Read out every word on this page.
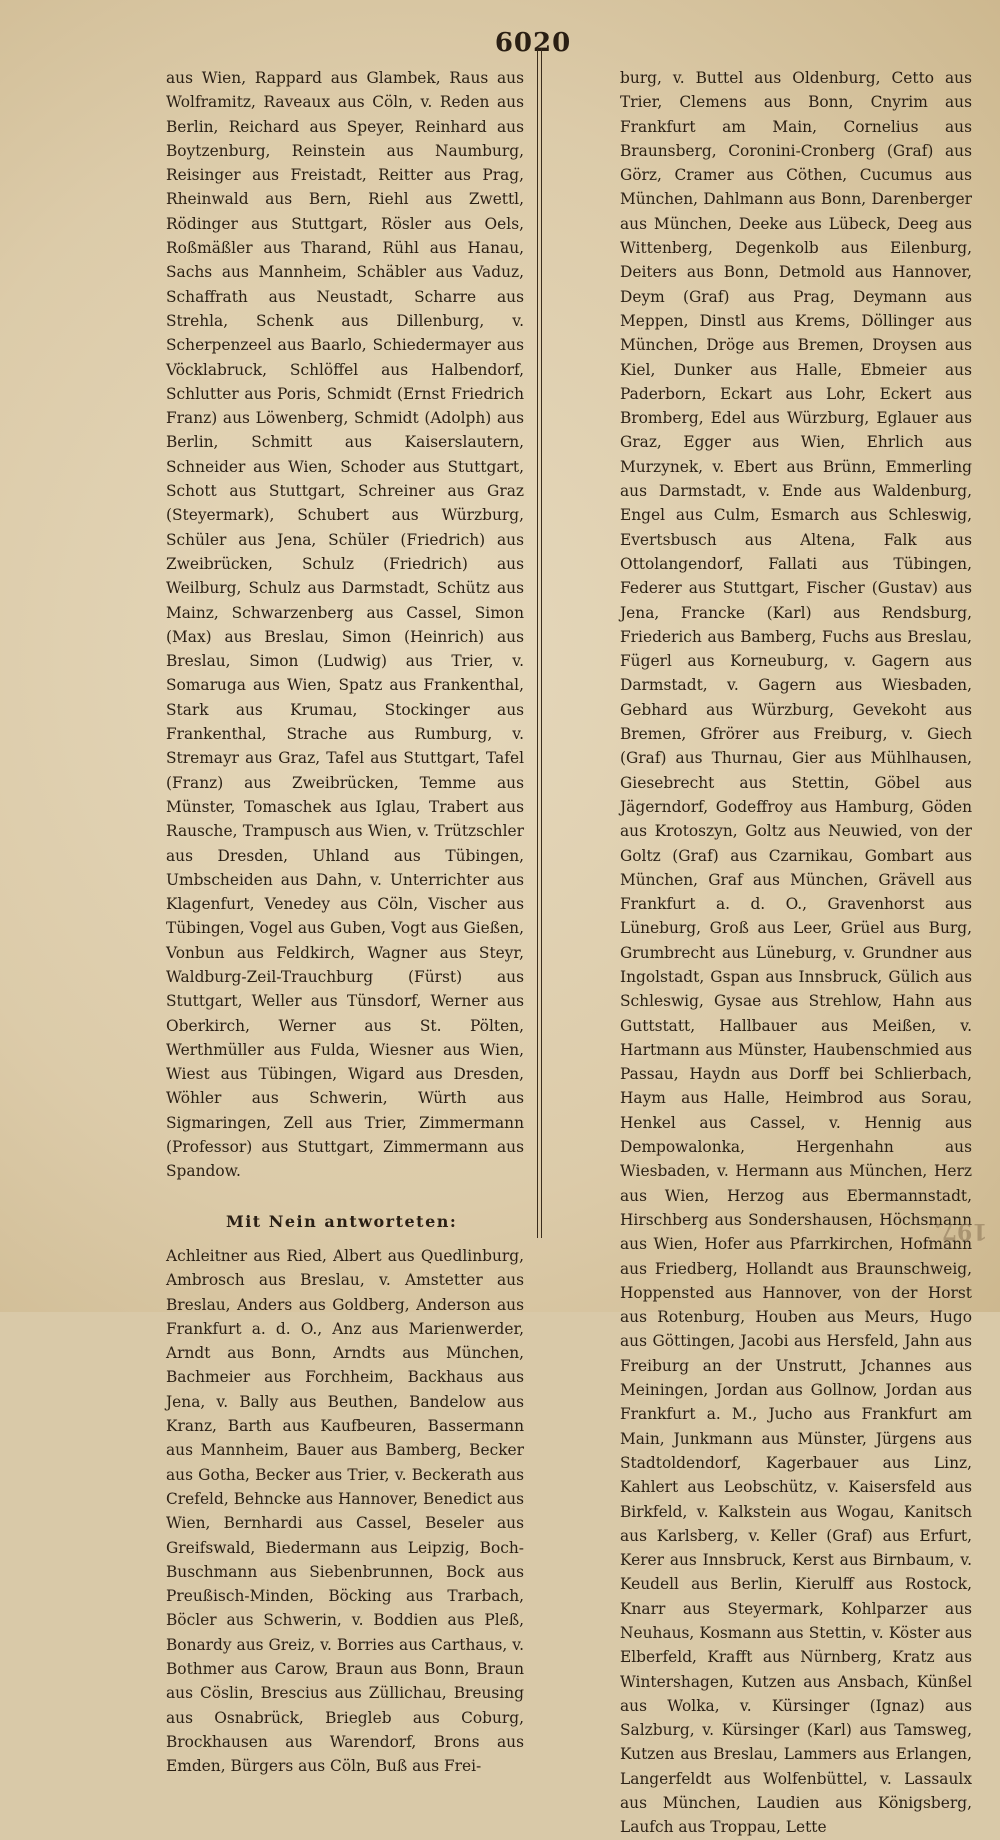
6020

aus Wien, Rappard aus Glambek, Raus aus Wolframitz, Raveaux aus Cöln, v. Reden aus Berlin, Reichard aus Speyer, Reinhard aus Boytzenburg, Reinstein aus Naumburg, Reisinger aus Freistadt, Reitter aus Prag, Rheinwald aus Bern, Riehl aus Zwettl, Rödinger aus Stuttgart, Rösler aus Oels, Roßmäßler aus Tharand, Rühl aus Hanau, Sachs aus Mannheim, Schäbler aus Vaduz, Schaffrath aus Neustadt, Scharre aus Strehla, Schenk aus Dillenburg, v. Scherpenzeel aus Baarlo, Schiedermayer aus Vöcklabruck, Schlöffel aus Halbendorf, Schlutter aus Poris, Schmidt (Ernst Friedrich Franz) aus Löwenberg, Schmidt (Adolph) aus Berlin, Schmitt aus Kaiserslautern, Schneider aus Wien, Schoder aus Stuttgart, Schott aus Stuttgart, Schreiner aus Graz (Steyermark), Schubert aus Würzburg, Schüler aus Jena, Schüler (Friedrich) aus Zweibrücken, Schulz (Friedrich) aus Weilburg, Schulz aus Darmstadt, Schütz aus Mainz, Schwarzenberg aus Cassel, Simon (Max) aus Breslau, Simon (Heinrich) aus Breslau, Simon (Ludwig) aus Trier, v. Somaruga aus Wien, Spatz aus Frankenthal, Stark aus Krumau, Stockinger aus Frankenthal, Strache aus Rumburg, v. Stremayr aus Graz, Tafel aus Stuttgart, Tafel (Franz) aus Zweibrücken, Temme aus Münster, Tomaschek aus Iglau, Trabert aus Rausche, Trampusch aus Wien, v. Trützschler aus Dresden, Uhland aus Tübingen, Umbscheiden aus Dahn, v. Unterrichter aus Klagenfurt, Venedey aus Cöln, Vischer aus Tübingen, Vogel aus Guben, Vogt aus Gießen, Vonbun aus Feldkirch, Wagner aus Steyr, Waldburg-Zeil-Trauchburg (Fürst) aus Stuttgart, Weller aus Tünsdorf, Werner aus Oberkirch, Werner aus St. Pölten, Werthmüller aus Fulda, Wiesner aus Wien, Wiest aus Tübingen, Wigard aus Dresden, Wöhler aus Schwerin, Würth aus Sigmaringen, Zell aus Trier, Zimmermann (Professor) aus Stuttgart, Zimmermann aus Spandow.

Mit Nein antworteten:

Achleitner aus Ried, Albert aus Quedlinburg, Ambrosch aus Breslau, v. Amstetter aus Breslau, Anders aus Goldberg, Anderson aus Frankfurt a. d. O., Anz aus Marienwerder, Arndt aus Bonn, Arndts aus München, Bachmeier aus Forchheim, Backhaus aus Jena, v. Bally aus Beuthen, Bandelow aus Kranz, Barth aus Kaufbeuren, Bassermann aus Mannheim, Bauer aus Bamberg, Becker aus Gotha, Becker aus Trier, v. Beckerath aus Crefeld, Behncke aus Hannover, Benedict aus Wien, Bernhardi aus Cassel, Beseler aus Greifswald, Biedermann aus Leipzig, Boch-Buschmann aus Siebenbrunnen, Bock aus Preußisch-Minden, Böcking aus Trarbach, Böcler aus Schwerin, v. Boddien aus Pleß, Bonardy aus Greiz, v. Borries aus Carthaus, v. Bothmer aus Carow, Braun aus Bonn, Braun aus Cöslin, Brescius aus Züllichau, Breusing aus Osnabrück, Briegleb aus Coburg, Brockhausen aus Warendorf, Brons aus Emden, Bürgers aus Cöln, Buß aus Frei-

burg, v. Buttel aus Oldenburg, Cetto aus Trier, Clemens aus Bonn, Cnyrim aus Frankfurt am Main, Cornelius aus Braunsberg, Coronini-Cronberg (Graf) aus Görz, Cramer aus Cöthen, Cucumus aus München, Dahlmann aus Bonn, Darenberger aus München, Deeke aus Lübeck, Deeg aus Wittenberg, Degenkolb aus Eilenburg, Deiters aus Bonn, Detmold aus Hannover, Deym (Graf) aus Prag, Deymann aus Meppen, Dinstl aus Krems, Döllinger aus München, Dröge aus Bremen, Droysen aus Kiel, Dunker aus Halle, Ebmeier aus Paderborn, Eckart aus Lohr, Eckert aus Bromberg, Edel aus Würzburg, Eglauer aus Graz, Egger aus Wien, Ehrlich aus Murzynek, v. Ebert aus Brünn, Emmerling aus Darmstadt, v. Ende aus Waldenburg, Engel aus Culm, Esmarch aus Schleswig, Evertsbusch aus Altena, Falk aus Ottolangendorf, Fallati aus Tübingen, Federer aus Stuttgart, Fischer (Gustav) aus Jena, Francke (Karl) aus Rendsburg, Friederich aus Bamberg, Fuchs aus Breslau, Fügerl aus Korneuburg, v. Gagern aus Darmstadt, v. Gagern aus Wiesbaden, Gebhard aus Würzburg, Gevekoht aus Bremen, Gfrörer aus Freiburg, v. Giech (Graf) aus Thurnau, Gier aus Mühlhausen, Giesebrecht aus Stettin, Göbel aus Jägerndorf, Godeffroy aus Hamburg, Göden aus Krotoszyn, Goltz aus Neuwied, von der Goltz (Graf) aus Czarnikau, Gombart aus München, Graf aus München, Grävell aus Frankfurt a. d. O., Gravenhorst aus Lüneburg, Groß aus Leer, Grüel aus Burg, Grumbrecht aus Lüneburg, v. Grundner aus Ingolstadt, Gspan aus Innsbruck, Gülich aus Schleswig, Gysae aus Strehlow, Hahn aus Guttstatt, Hallbauer aus Meißen, v. Hartmann aus Münster, Haubenschmied aus Passau, Haydn aus Dorff bei Schlierbach, Haym aus Halle, Heimbrod aus Sorau, Henkel aus Cassel, v. Hennig aus Dempowalonka, Hergenhahn aus Wiesbaden, v. Hermann aus München, Herz aus Wien, Herzog aus Ebermannstadt, Hirschberg aus Sondershausen, Höchsmann aus Wien, Hofer aus Pfarrkirchen, Hofmann aus Friedberg, Hollandt aus Braunschweig, Hoppensted aus Hannover, von der Horst aus Rotenburg, Houben aus Meurs, Hugo aus Göttingen, Jacobi aus Hersfeld, Jahn aus Freiburg an der Unstrutt, Jchannes aus Meiningen, Jordan aus Gollnow, Jordan aus Frankfurt a. M., Jucho aus Frankfurt am Main, Junkmann aus Münster, Jürgens aus Stadtoldendorf, Kagerbauer aus Linz, Kahlert aus Leobschütz, v. Kaisersfeld aus Birkfeld, v. Kalkstein aus Wogau, Kanitsch aus Karlsberg, v. Keller (Graf) aus Erfurt, Kerer aus Innsbruck, Kerst aus Birnbaum, v. Keudell aus Berlin, Kierulff aus Rostock, Knarr aus Steyermark, Kohlparzer aus Neuhaus, Kosmann aus Stettin, v. Köster aus Elberfeld, Krafft aus Nürnberg, Kratz aus Wintershagen, Kutzen aus Ansbach, Künßel aus Wolka, v. Kürsinger (Ignaz) aus Salzburg, v. Kürsinger (Karl) aus Tamsweg, Kutzen aus Breslau, Lammers aus Erlangen, Langerfeldt aus Wolfenbüttel, v. Lassaulx aus München, Laudien aus Königsberg, Laufch aus Troppau, Lette

197.
